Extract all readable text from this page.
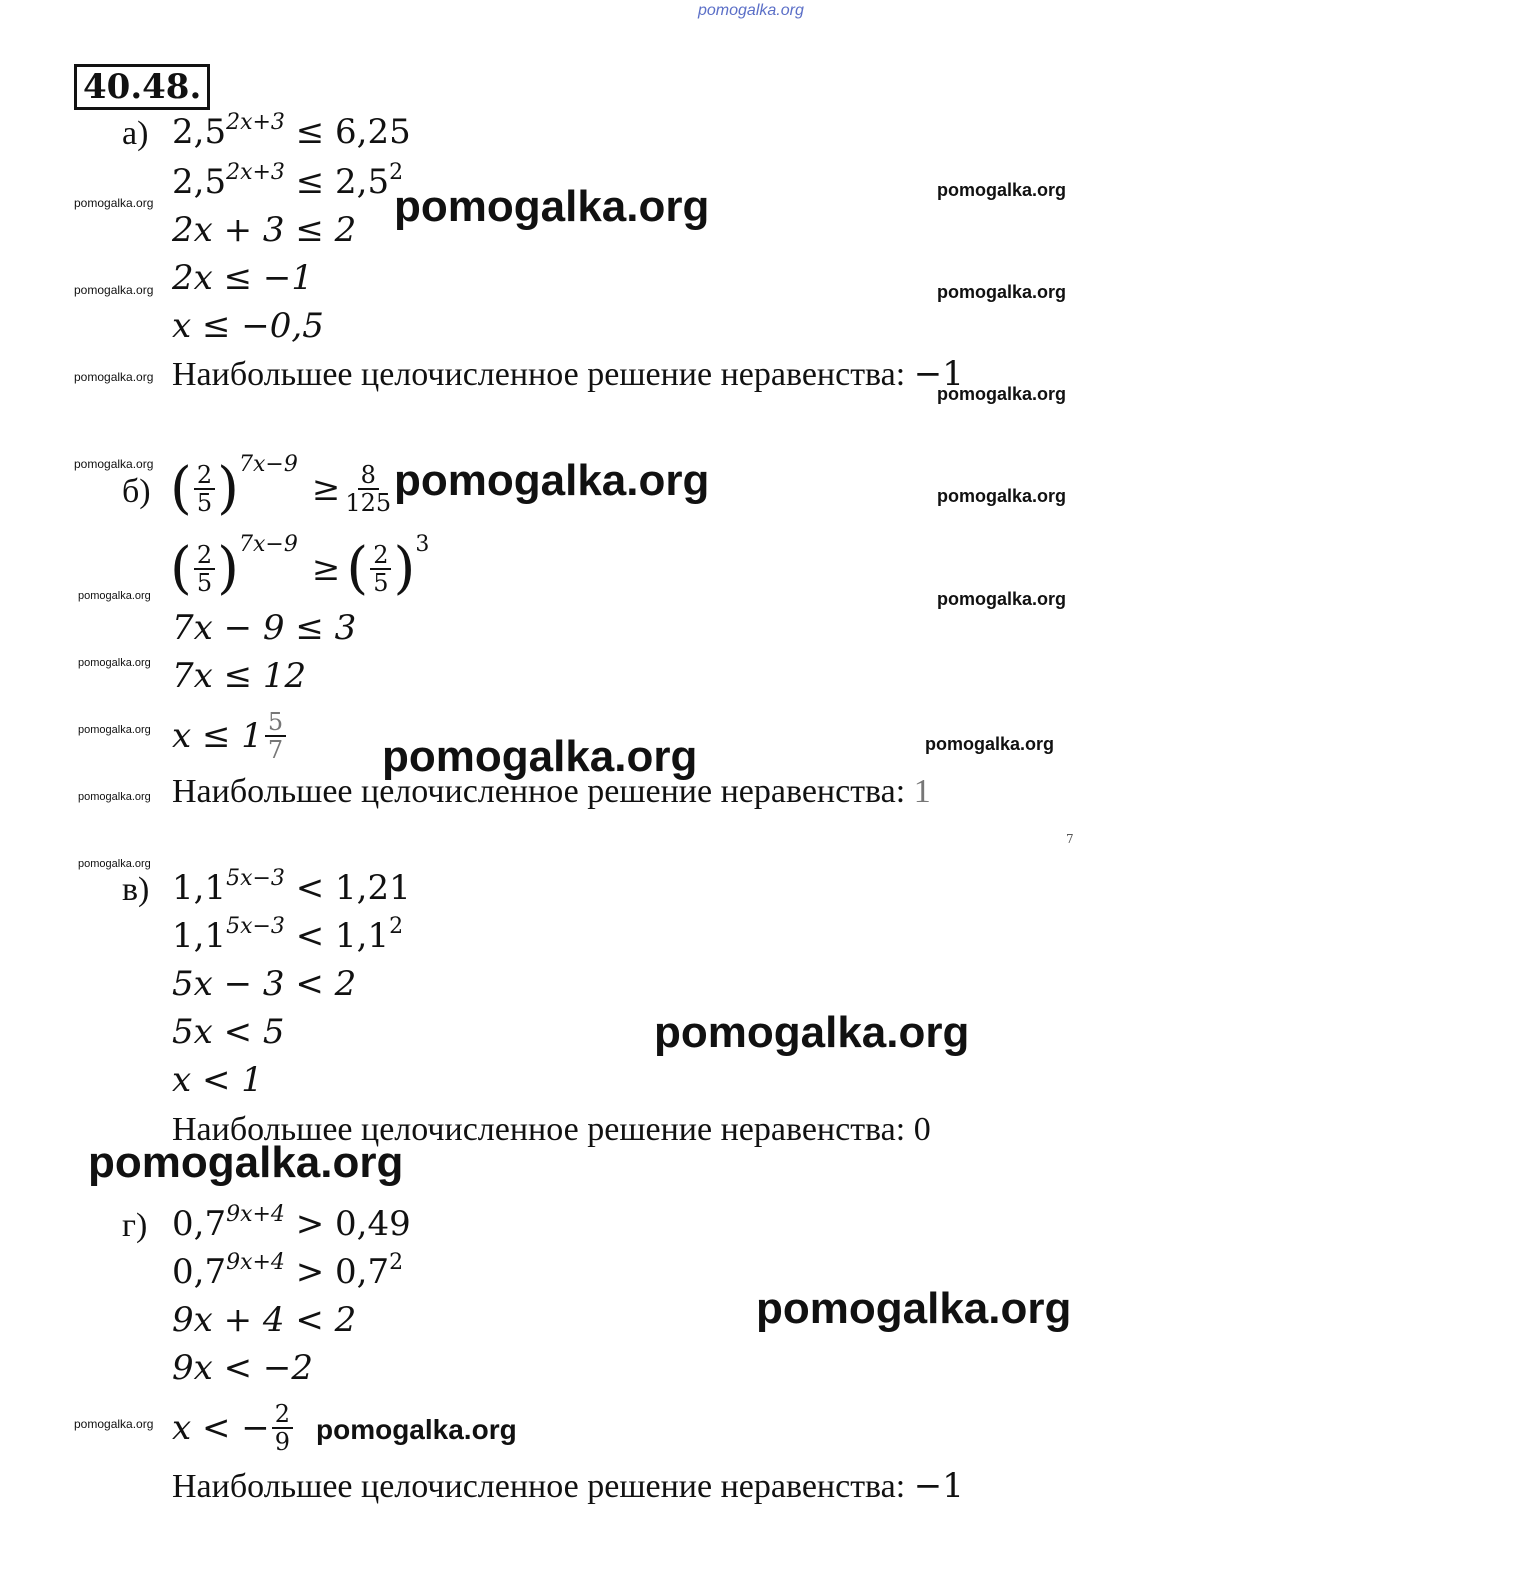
pomogalka.org
40.48.
а) $2,5^{2x+3} \le 6,25$
$2,5^{2x+3} \le 2,5^2$
2x + 3 ≤ 2
2x ≤ −1
x ≤ −0,5
Наибольшее целочисленное решение неравенства: −1
б) ( $\frac{2}{5}$ ) $^{7x-9}$
≥ $\frac{8}{125}$
( $\frac{2}{5}$ ) $^{7x-9}$
≥ ( $\frac{2}{5} )^3$
7x − 9 ≤ 3
7x ≤ 12
$x \le 1 \frac{5}{7}$
Наибольшее целочисленное решение неравенства: 1
в) $1,1^{5x-3} < 1,21$
$1,1^{5x-3} < 1,1^2$
5x − 3 < 2
5x < 5
x < 1
Наибольшее целочисленное решение неравенства: 0
г) $0,7^{9x+4} > 0,49$
$0,7^{9x+4} > 0,7^2$
9x + 4 < 2
9x < −2
x < − $\frac{2}{9}$
Наибольшее целочисленное решение неравенства: −1
7
pomogalka.org
pomogalka.org
pomogalka.org
pomogalka.org
pomogalka.org
pomogalka.org
pomogalka.org
pomogalka.org
pomogalka.org
pomogalka.org
pomogalka.org
pomogalka.org
pomogalka.org
pomogalka.org
pomogalka.org
pomogalka.org
pomogalka.org
pomogalka.org
pomogalka.org
pomogalka.org
pomogalka.org
pomogalka.org
pomogalka.org
